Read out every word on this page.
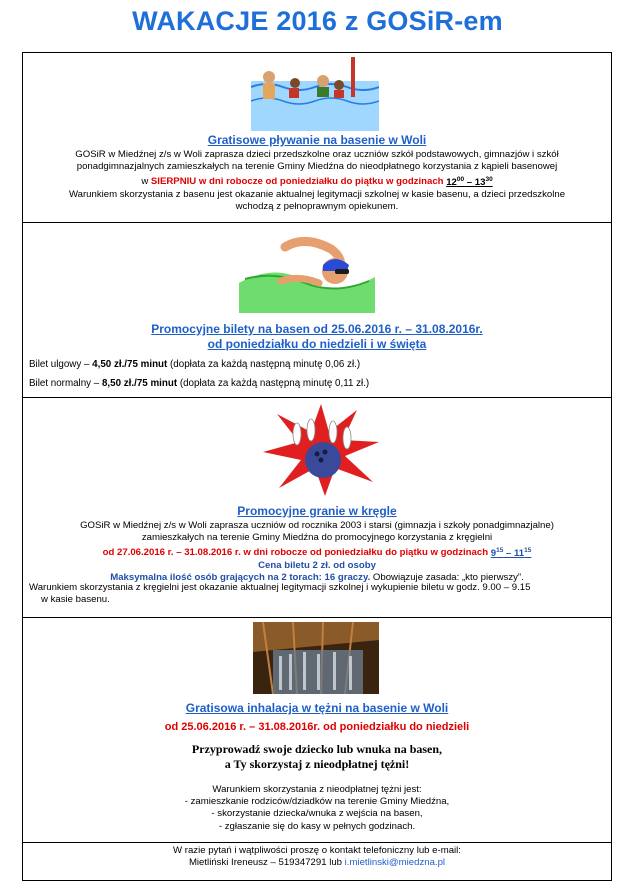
WAKACJE 2016 z GOSiR-em
Gratisowe pływanie na basenie w Woli
GOSiR w Miedźnej z/s w Woli zaprasza dzieci przedszkolne oraz uczniów szkół podstawowych, gimnazjów i szkół
ponadgimnazjalnych zamieszkałych na terenie Gminy Miedźna do nieodpłatnego korzystania z kąpieli basenowej
w SIERPNIU w dni robocze od poniedziałku do piątku w godzinach $12^{00} - 13^{30}$
Warunkiem skorzystania z basenu jest okazanie aktualnej legitymacji szkolnej w kasie basenu, a dzieci przedszkolne
wchodzą z pełnoprawnym opiekunem.
Promocyjne bilety na basen od 25.06.2016 r. – 31.08.2016r.
od poniedziałku do niedzieli i w święta
Bilet ulgowy – 4,50 zł./75 minut (dopłata za każdą następną minutę 0,06 zł.)
Bilet normalny – 8,50 zł./75 minut (dopłata za każdą następną minutę 0,11 zł.)
Promocyjne granie w kręgle
GOSiR w Miedźnej z/s w Woli zaprasza uczniów od rocznika 2003 i starsi (gimnazja i szkoły ponadgimnazjalne)
zamieszkałych na terenie Gminy Miedźna do promocyjnego korzystania z kręgielni
od 27.06.2016 r. – 31.08.2016 r. w dni robocze od poniedziałku do piątku w godzinach $9^{15} - 11^{15}$
Cena biletu 2 zł. od osoby
Maksymalna ilość osób grających na 2 torach: 16 graczy. Obowiązuje zasada: „kto pierwszy”.
Warunkiem skorzystania z kręgielni jest okazanie aktualnej legitymacji szkolnej i wykupienie biletu w godz. 9.00 – 9.15
w kasie basenu.
Gratisowa inhalacja w tężni na basenie w Woli
od 25.06.2016 r. – 31.08.2016r. od poniedziałku do niedzieli
Przyprowadź swoje dziecko lub wnuka na basen,
a Ty skorzystaj z nieodpłatnej tężni!
Warunkiem skorzystania z nieodpłatnej tężni jest:
- zamieszkanie rodziców/dziadków na terenie Gminy Miedźna,
- skorzystanie dziecka/wnuka z wejścia na basen,
- zgłaszanie się do kasy w pełnych godzinach.
W razie pytań i wątpliwości proszę o kontakt telefoniczny lub e-mail:
Mietliński Ireneusz – 519347291 lub i.mietlinski@miedzna.pl
